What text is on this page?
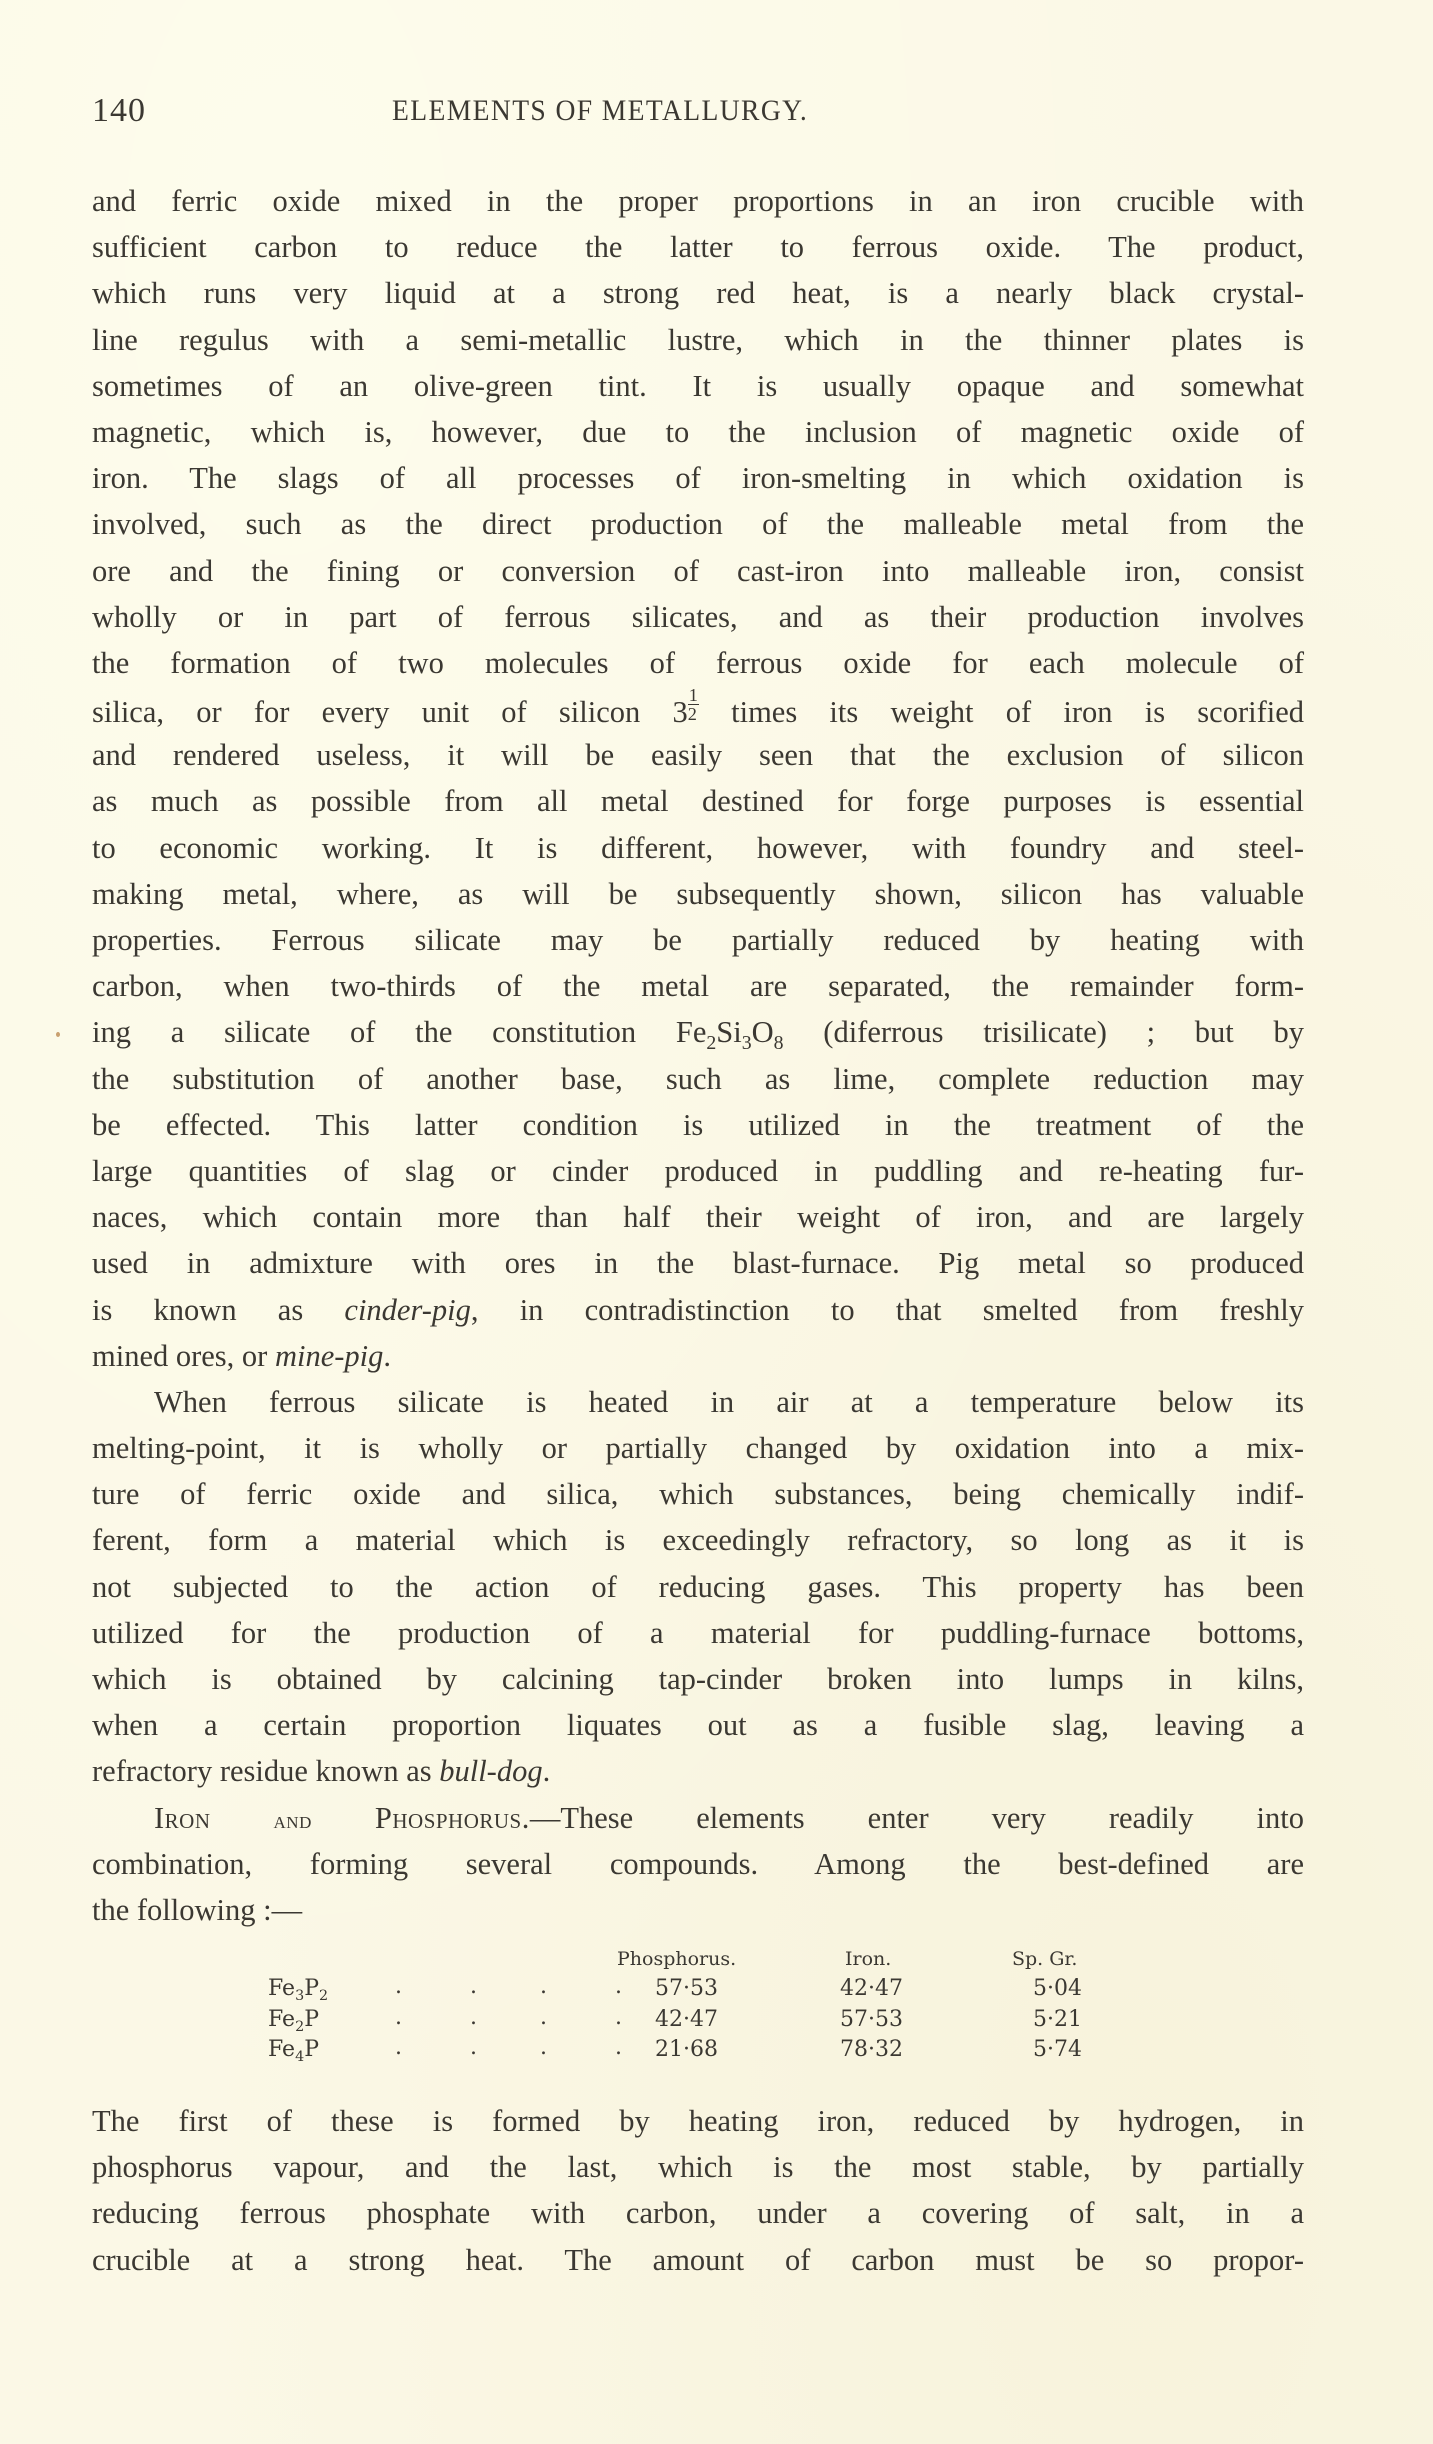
140	ELEMENTS OF METALLURGY.
and ferric oxide mixed in the proper proportions in an iron crucible with
sufficient carbon to reduce the latter to ferrous oxide. The product,
which runs very liquid at a strong red heat, is a nearly black crystal-
line regulus with a semi-metallic lustre, which in the thinner plates is
sometimes of an olive-green tint. It is usually opaque and somewhat
magnetic, which is, however, due to the inclusion of magnetic oxide of
iron. The slags of all processes of iron-smelting in which oxidation is
involved, such as the direct production of the malleable metal from the
ore and the fining or conversion of cast-iron into malleable iron, consist
wholly or in part of ferrous silicates, and as their production involves
the formation of two molecules of ferrous oxide for each molecule of
silica, or for every unit of silicon $3 \frac{1}{2}$ times its weight of iron is scorified
and rendered useless, it will be easily seen that the exclusion of silicon
as much as possible from all metal destined for forge purposes is essential
to economic working. It is different, however, with foundry and steel-
making metal, where, as will be subsequently shown, silicon has valuable
properties. Ferrous silicate may be partially reduced by heating with
carbon, when two-thirds of the metal are separated, the remainder form-
ing a silicate of the constitution $Fe_2Si_3O_8$ (diferrous trisilicate) ; but by
the substitution of another base, such as lime, complete reduction may
be effected. This latter condition is utilized in the treatment of the
large quantities of slag or cinder produced in puddling and re-heating fur-
naces, which contain more than half their weight of iron, and are largely
used in admixture with ores in the blast-furnace. Pig metal so produced
is known as cinder-pig, in contradistinction to that smelted from freshly
mined ores, or mine-pig.
When ferrous silicate is heated in air at a temperature below its
melting-point, it is wholly or partially changed by oxidation into a mix-
ture of ferric oxide and silica, which substances, being chemically indif-
ferent, form a material which is exceedingly refractory, so long as it is
not subjected to the action of reducing gases. This property has been
utilized for the production of a material for puddling-furnace bottoms,
which is obtained by calcining tap-cinder broken into lumps in kilns,
when a certain proportion liquates out as a fusible slag, leaving a
refractory residue known as bull-dog.
Iron	and Phosphorus.—These elements enter very readily into
combination, forming several compounds. Among the best-defined are
the following :—
Phosphorus.	Iron.	Sp. Gr.
$Fe_3P_2$	.	.	.	. 57·53	42·47	5·04
$Fe_2P$	.	.	.	. 42·47	57·53	5·21
$Fe_4P$	.	.	.	. 21·68	78·32	5·74
The first of these is formed by heating iron, reduced by hydrogen, in
phosphorus vapour, and the last, which is the most stable, by partially
reducing ferrous phosphate with carbon, under a covering of salt, in a
crucible at a strong heat. The amount of carbon must be so propor-
